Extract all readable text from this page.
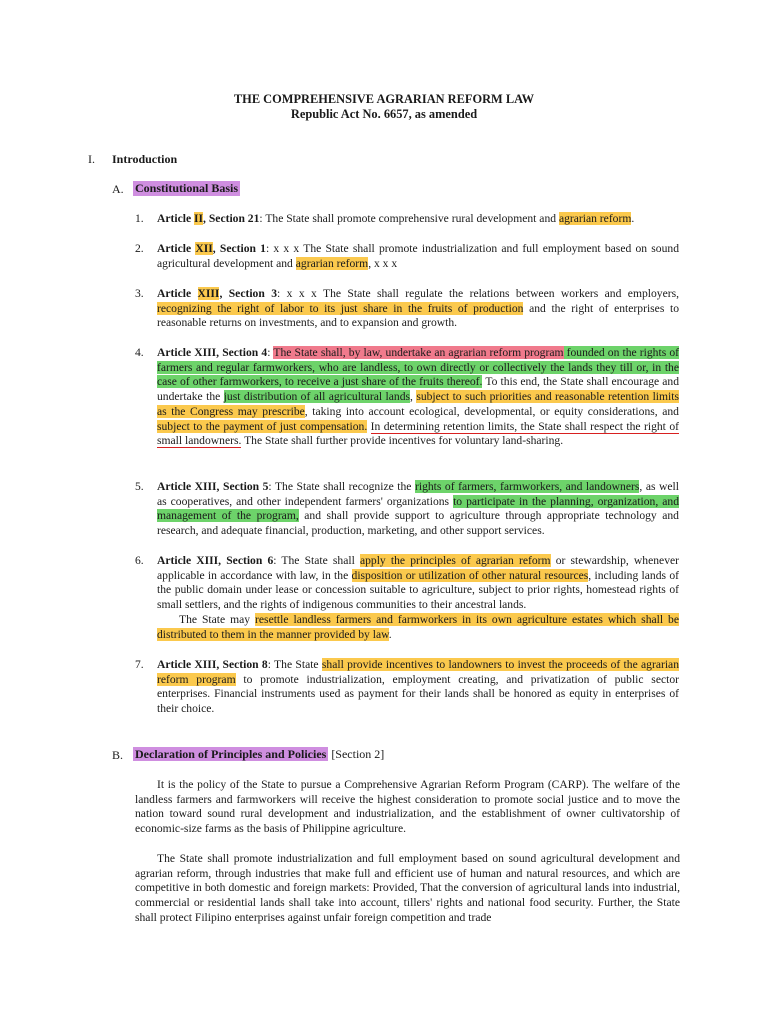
THE COMPREHENSIVE AGRARIAN REFORM LAW
Republic Act No. 6657, as amended
I. Introduction
A. Constitutional Basis
1. Article II, Section 21: The State shall promote comprehensive rural development and agrarian reform.
2. Article XII, Section 1: x x x The State shall promote industrialization and full employment based on sound agricultural development and agrarian reform, x x x
3. Article XIII, Section 3: x x x The State shall regulate the relations between workers and employers, recognizing the right of labor to its just share in the fruits of production and the right of enterprises to reasonable returns on investments, and to expansion and growth.
4. Article XIII, Section 4: The State shall, by law, undertake an agrarian reform program founded on the rights of farmers and regular farmworkers, who are landless, to own directly or collectively the lands they till or, in the case of other farmworkers, to receive a just share of the fruits thereof. To this end, the State shall encourage and undertake the just distribution of all agricultural lands, subject to such priorities and reasonable retention limits as the Congress may prescribe, taking into account ecological, developmental, or equity considerations, and subject to the payment of just compensation. In determining retention limits, the State shall respect the right of small landowners. The State shall further provide incentives for voluntary land-sharing.
5. Article XIII, Section 5: The State shall recognize the rights of farmers, farmworkers, and landowners, as well as cooperatives, and other independent farmers' organizations to participate in the planning, organization, and management of the program, and shall provide support to agriculture through appropriate technology and research, and adequate financial, production, marketing, and other support services.
6. Article XIII, Section 6: The State shall apply the principles of agrarian reform or stewardship, whenever applicable in accordance with law, in the disposition or utilization of other natural resources, including lands of the public domain under lease or concession suitable to agriculture, subject to prior rights, homestead rights of small settlers, and the rights of indigenous communities to their ancestral lands.

The State may resettle landless farmers and farmworkers in its own agriculture estates which shall be distributed to them in the manner provided by law.

7. Article XIII, Section 8: The State shall provide incentives to landowners to invest the proceeds of the agrarian reform program to promote industrialization, employment creating, and privatization of public sector enterprises. Financial instruments used as payment for their lands shall be honored as equity in enterprises of their choice.
B. Declaration of Principles and Policies [Section 2]

It is the policy of the State to pursue a Comprehensive Agrarian Reform Program (CARP). The welfare of the landless farmers and farmworkers will receive the highest consideration to promote social justice and to move the nation toward sound rural development and industrialization, and the establishment of owner cultivatorship of economic-size farms as the basis of Philippine agriculture.

The State shall promote industrialization and full employment based on sound agricultural development and agrarian reform, through industries that make full and efficient use of human and natural resources, and which are competitive in both domestic and foreign markets: Provided, That the conversion of agricultural lands into industrial, commercial or residential lands shall take into account, tillers' rights and national food security. Further, the State shall protect Filipino enterprises against unfair foreign competition and trade
